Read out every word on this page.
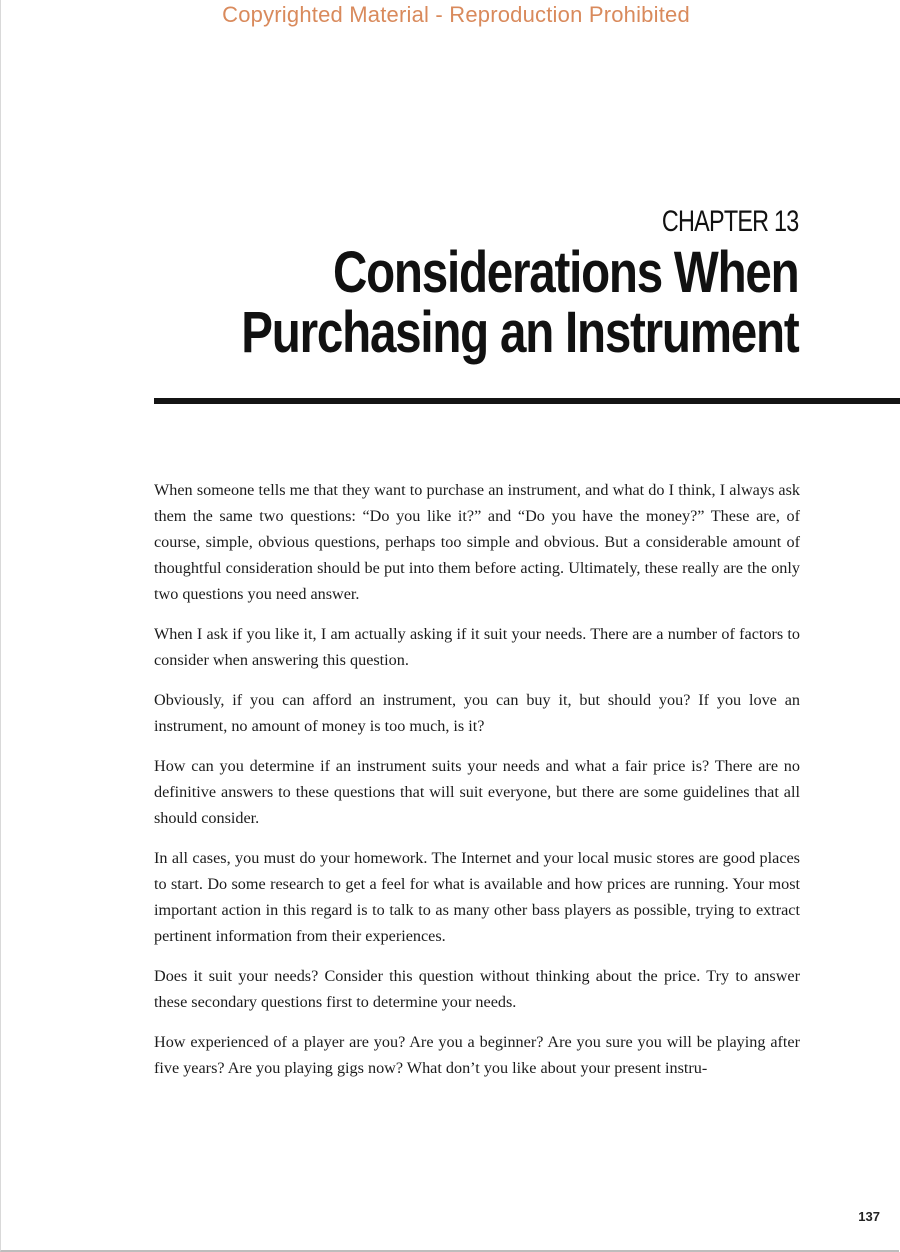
Copyrighted Material - Reproduction Prohibited
CHAPTER 13
Considerations When
Purchasing an Instrument

When someone tells me that they want to purchase an instrument, and what do I think, I always ask them the same two questions: “Do you like it?” and “Do you have the money?” These are, of course, simple, obvious questions, perhaps too simple and obvious. But a considerable amount of thoughtful consideration should be put into them before acting. Ultimately, these really are the only two questions you need answer.

When I ask if you like it, I am actually asking if it suit your needs. There are a number of factors to consider when answering this question.

Obviously, if you can afford an instrument, you can buy it, but should you? If you love an instrument, no amount of money is too much, is it?

How can you determine if an instrument suits your needs and what a fair price is? There are no definitive answers to these questions that will suit everyone, but there are some guidelines that all should consider.

In all cases, you must do your homework. The Internet and your local music stores are good places to start. Do some research to get a feel for what is available and how prices are running. Your most important action in this regard is to talk to as many other bass players as possible, trying to extract pertinent information from their experiences.

Does it suit your needs? Consider this question without thinking about the price. Try to answer these secondary questions first to determine your needs.

How experienced of a player are you? Are you a beginner? Are you sure you will be playing after five years? Are you playing gigs now? What don’t you like about your present instru-

137
